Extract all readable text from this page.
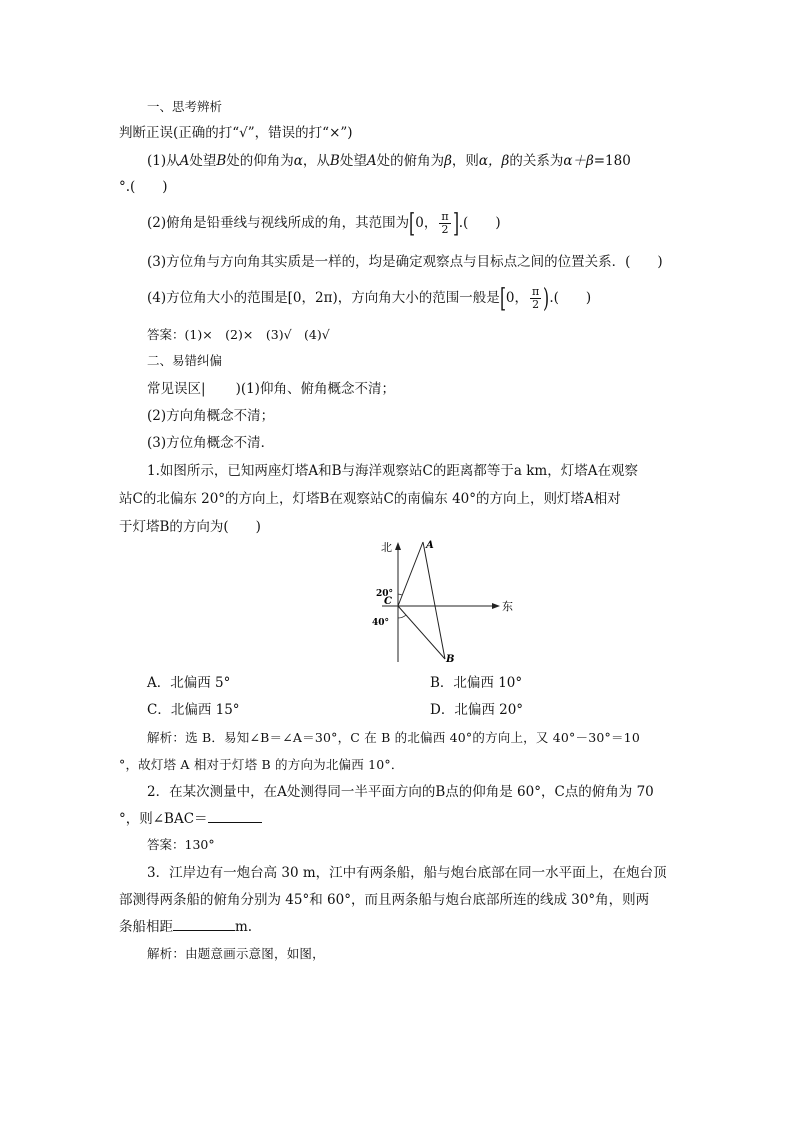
一、思考辨析
判断正误(正确的打“√”，错误的打“×”)
(1)从A处望B处的仰角为α，从B处望A处的俯角为β，则α，β的关系为α＋β=180
°.(　　)
(2)俯角是铅垂线与视线所成的角，其范围为[0， $\frac{\pi}{2}$ ].(　　)
(3)方位角与方向角其实质是一样的，均是确定观察点与目标点之间的位置关系．(　　)
(4)方位角大小的范围是[0，2π)，方向角大小的范围一般是[0， $\frac{\pi}{2}$ ).(　　)
答案：(1)×　(2)×　(3)√　(4)√
二、易错纠偏
常见误区| )(1)仰角、俯角概念不清；
(2)方向角概念不清；
(3)方位角概念不清．
1.如图所示，已知两座灯塔A和B与海洋观察站C的距离都等于a km，灯塔A在观察
站C的北偏东 20°的方向上，灯塔B在观察站C的南偏东 40°的方向上，则灯塔A相对
于灯塔B的方向为(　　)
北
东
A
B
C
20°
40°
A．北偏西 5°	B．北偏西 10°
C．北偏西 15°	D．北偏西 20°
解析：选 B．易知∠B＝∠A＝30°，C 在 B 的北偏西 40°的方向上，又 40°－30°＝10
°，故灯塔 A 相对于灯塔 B 的方向为北偏西 10°．
2．在某次测量中，在A处测得同一半平面方向的B点的仰角是 60°，C点的俯角为 70
°，则∠BAC＝
答案：130°
3．江岸边有一炮台高 30 m，江中有两条船，船与炮台底部在同一水平面上，在炮台顶
部测得两条船的俯角分别为 45°和 60°，而且两条船与炮台底部所连的线成 30°角，则两
条船相距	m.
解析：由题意画示意图，如图，
